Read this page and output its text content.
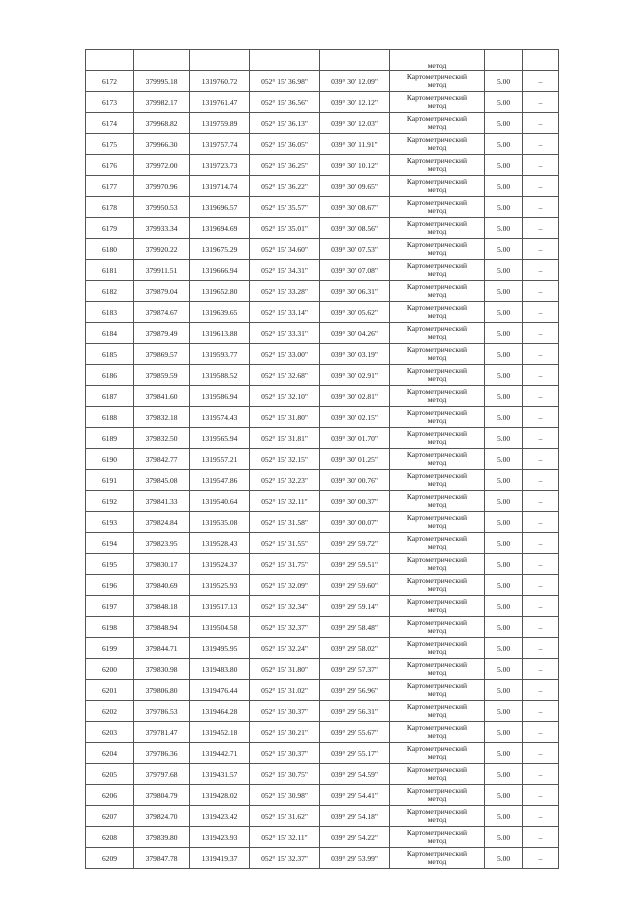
					метод		
6172	379995.18	1319760.72	052° 15' 36.98"	039° 30' 12.09"	Картометрический
метод	5.00	–
6173	379982.17	1319761.47	052° 15' 36.56"	039° 30' 12.12"	Картометрический
метод	5.00	–
6174	379968.82	1319759.89	052° 15' 36.13"	039° 30' 12.03"	Картометрический
метод	5.00	–
6175	379966.30	1319757.74	052° 15' 36.05"	039° 30' 11.91"	Картометрический
метод	5.00	–
6176	379972.00	1319723.73	052° 15' 36.25"	039° 30' 10.12"	Картометрический
метод	5.00	–
6177	379970.96	1319714.74	052° 15' 36.22"	039° 30' 09.65"	Картометрический
метод	5.00	–
6178	379950.53	1319696.57	052° 15' 35.57"	039° 30' 08.67"	Картометрический
метод	5.00	–
6179	379933.34	1319694.69	052° 15' 35.01"	039° 30' 08.56"	Картометрический
метод	5.00	–
6180	379920.22	1319675.29	052° 15' 34.60"	039° 30' 07.53"	Картометрический
метод	5.00	–
6181	379911.51	1319666.94	052° 15' 34.31"	039° 30' 07.08"	Картометрический
метод	5.00	–
6182	379879.04	1319652.80	052° 15' 33.28"	039° 30' 06.31"	Картометрический
метод	5.00	–
6183	379874.67	1319639.65	052° 15' 33.14"	039° 30' 05.62"	Картометрический
метод	5.00	–
6184	379879.49	1319613.88	052° 15' 33.31"	039° 30' 04.26"	Картометрический
метод	5.00	–
6185	379869.57	1319593.77	052° 15' 33.00"	039° 30' 03.19"	Картометрический
метод	5.00	–
6186	379859.59	1319588.52	052° 15' 32.68"	039° 30' 02.91"	Картометрический
метод	5.00	–
6187	379841.60	1319586.94	052° 15' 32.10"	039° 30' 02.81"	Картометрический
метод	5.00	–
6188	379832.18	1319574.43	052° 15' 31.80"	039° 30' 02.15"	Картометрический
метод	5.00	–
6189	379832.50	1319565.94	052° 15' 31.81"	039° 30' 01.70"	Картометрический
метод	5.00	–
6190	379842.77	1319557.21	052° 15' 32.15"	039° 30' 01.25"	Картометрический
метод	5.00	–
6191	379845.08	1319547.86	052° 15' 32.23"	039° 30' 00.76"	Картометрический
метод	5.00	–
6192	379841.33	1319540.64	052° 15' 32.11"	039° 30' 00.37"	Картометрический
метод	5.00	–
6193	379824.84	1319535.08	052° 15' 31.58"	039° 30' 00.07"	Картометрический
метод	5.00	–
6194	379823.95	1319528.43	052° 15' 31.55"	039° 29' 59.72"	Картометрический
метод	5.00	–
6195	379830.17	1319524.37	052° 15' 31.75"	039° 29' 59.51"	Картометрический
метод	5.00	–
6196	379840.69	1319525.93	052° 15' 32.09"	039° 29' 59.60"	Картометрический
метод	5.00	–
6197	379848.18	1319517.13	052° 15' 32.34"	039° 29' 59.14"	Картометрический
метод	5.00	–
6198	379848.94	1319504.58	052° 15' 32.37"	039° 29' 58.48"	Картометрический
метод	5.00	–
6199	379844.71	1319495.95	052° 15' 32.24"	039° 29' 58.02"	Картометрический
метод	5.00	–
6200	379830.98	1319483.80	052° 15' 31.80"	039° 29' 57.37"	Картометрический
метод	5.00	–
6201	379806.80	1319476.44	052° 15' 31.02"	039° 29' 56.96"	Картометрический
метод	5.00	–
6202	379786.53	1319464.28	052° 15' 30.37"	039° 29' 56.31"	Картометрический
метод	5.00	–
6203	379781.47	1319452.18	052° 15' 30.21"	039° 29' 55.67"	Картометрический
метод	5.00	–
6204	379786.36	1319442.71	052° 15' 30.37"	039° 29' 55.17"	Картометрический
метод	5.00	–
6205	379797.68	1319431.57	052° 15' 30.75"	039° 29' 54.59"	Картометрический
метод	5.00	–
6206	379804.79	1319428.02	052° 15' 30.98"	039° 29' 54.41"	Картометрический
метод	5.00	–
6207	379824.70	1319423.42	052° 15' 31.62"	039° 29' 54.18"	Картометрический
метод	5.00	–
6208	379839.80	1319423.93	052° 15' 32.11"	039° 29' 54.22"	Картометрический
метод	5.00	–
6209	379847.78	1319419.37	052° 15' 32.37"	039° 29' 53.99"	Картометрический
метод	5.00	–
